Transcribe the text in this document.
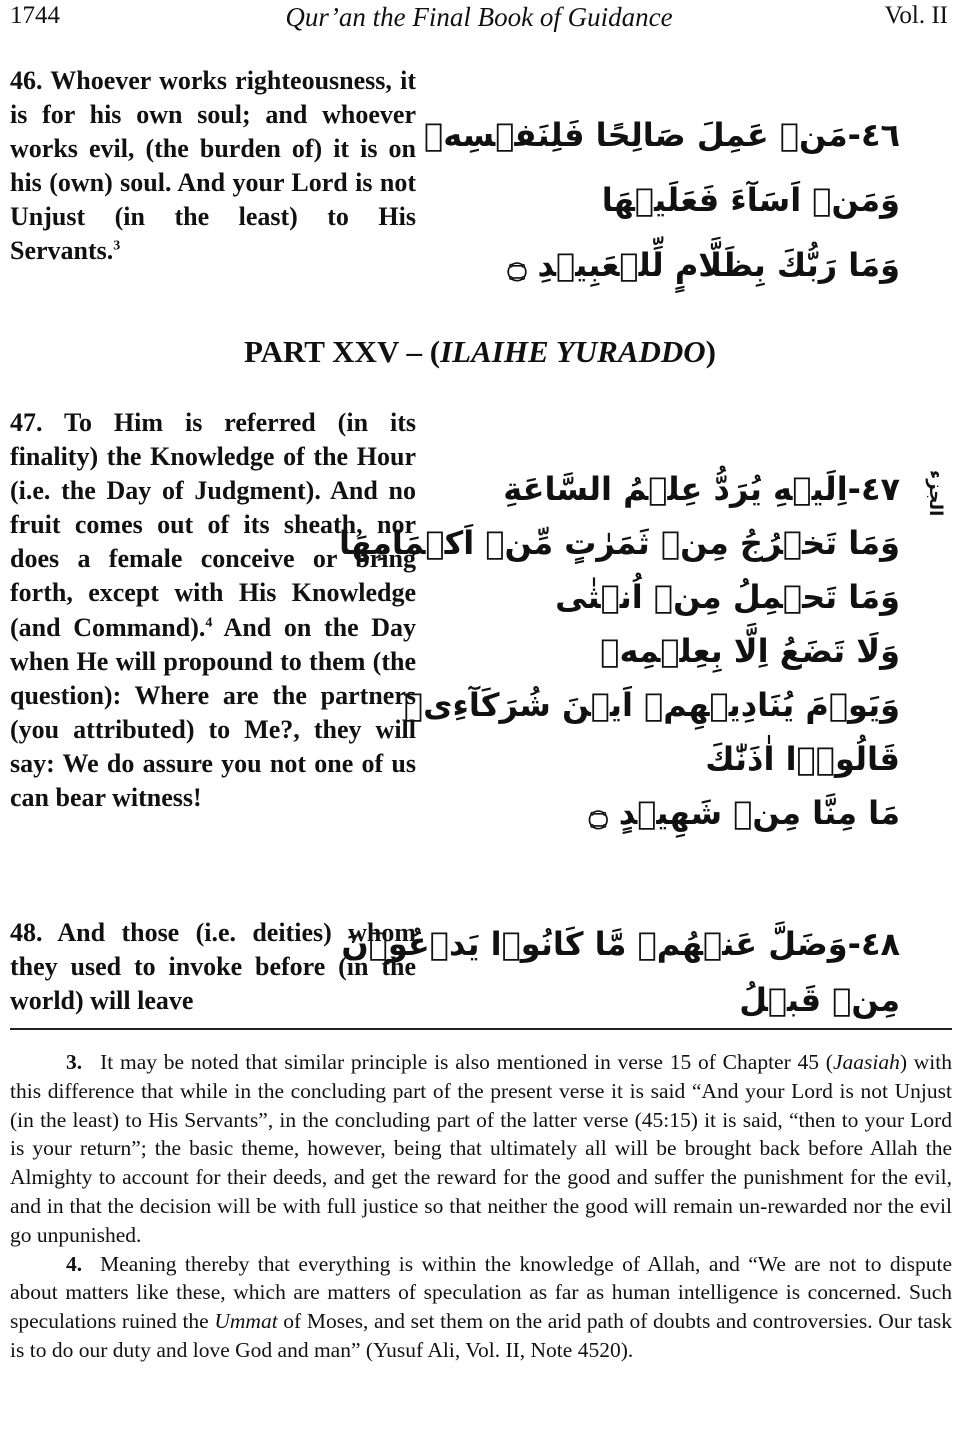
1744	Qur’an the Final Book of Guidance	Vol. II

46. Whoever works righteousness, it is for his own soul; and whoever works evil, (the burden of) it is on his (own) soul. And your Lord is not Unjust (in the least) to His Servants.$^3$

٤٦-مَنۡ عَمِلَ صَالِحًا فَلِنَفۡسِهٖ
وَمَنۡ اَسَآءَ فَعَلَيۡهَا
وَمَا رَبُّكَ بِظَلَّامٍ لِّلۡعَبِيۡدِ ۝
PART XXV – (ILAIHE YURADDO)

47. To Him is referred (in its finality) the Knowledge of the Hour (i.e. the Day of Judgment). And no fruit comes out of its sheath, nor does a female conceive or bring forth, except with His Knowledge (and Command).$^4$ And on the Day when He will propound to them (the question): Where are the partners (you attributed) to Me?, they will say: We do assure you not one of us can bear witness!

٤٧-اِلَيۡهِ يُرَدُّ عِلۡمُ السَّاعَةِ
وَمَا تَخۡرُجُ مِنۡ ثَمَرٰتٍ مِّنۡ اَكۡمَامِهَا
وَمَا تَحۡمِلُ مِنۡ اُنۡثٰى
وَلَا تَضَعُ اِلَّا بِعِلۡمِهٖ
وَيَوۡمَ يُنَادِيۡهِمۡ اَيۡنَ شُرَكَآءِىۡ
قَالُوۡۤا اٰذَنّٰكَ
مَا مِنَّا مِنۡ شَهِيۡدٍ ۝
الجزء

48. And those (i.e. deities) whom they used to invoke before (in the world) will leave

٤٨-وَضَلَّ عَنۡهُمۡ مَّا كَانُوۡا يَدۡعُوۡنَ
مِنۡ قَبۡلُ

3. It may be noted that similar principle is also mentioned in verse 15 of Chapter 45 (Jaasiah) with this difference that while in the concluding part of the present verse it is said “And your Lord is not Unjust (in the least) to His Servants”, in the concluding part of the latter verse (45:15) it is said, “then to your Lord is your return”; the basic theme, however, being that ultimately all will be brought back before Allah the Almighty to account for their deeds, and get the reward for the good and suffer the punishment for the evil, and in that the decision will be with full justice so that neither the good will remain un-rewarded nor the evil go unpunished.

4. Meaning thereby that everything is within the knowledge of Allah, and “We are not to dispute about matters like these, which are matters of speculation as far as human intelligence is concerned. Such speculations ruined the Ummat of Moses, and set them on the arid path of doubts and controversies. Our task is to do our duty and love God and man” (Yusuf Ali, Vol. II, Note 4520).
